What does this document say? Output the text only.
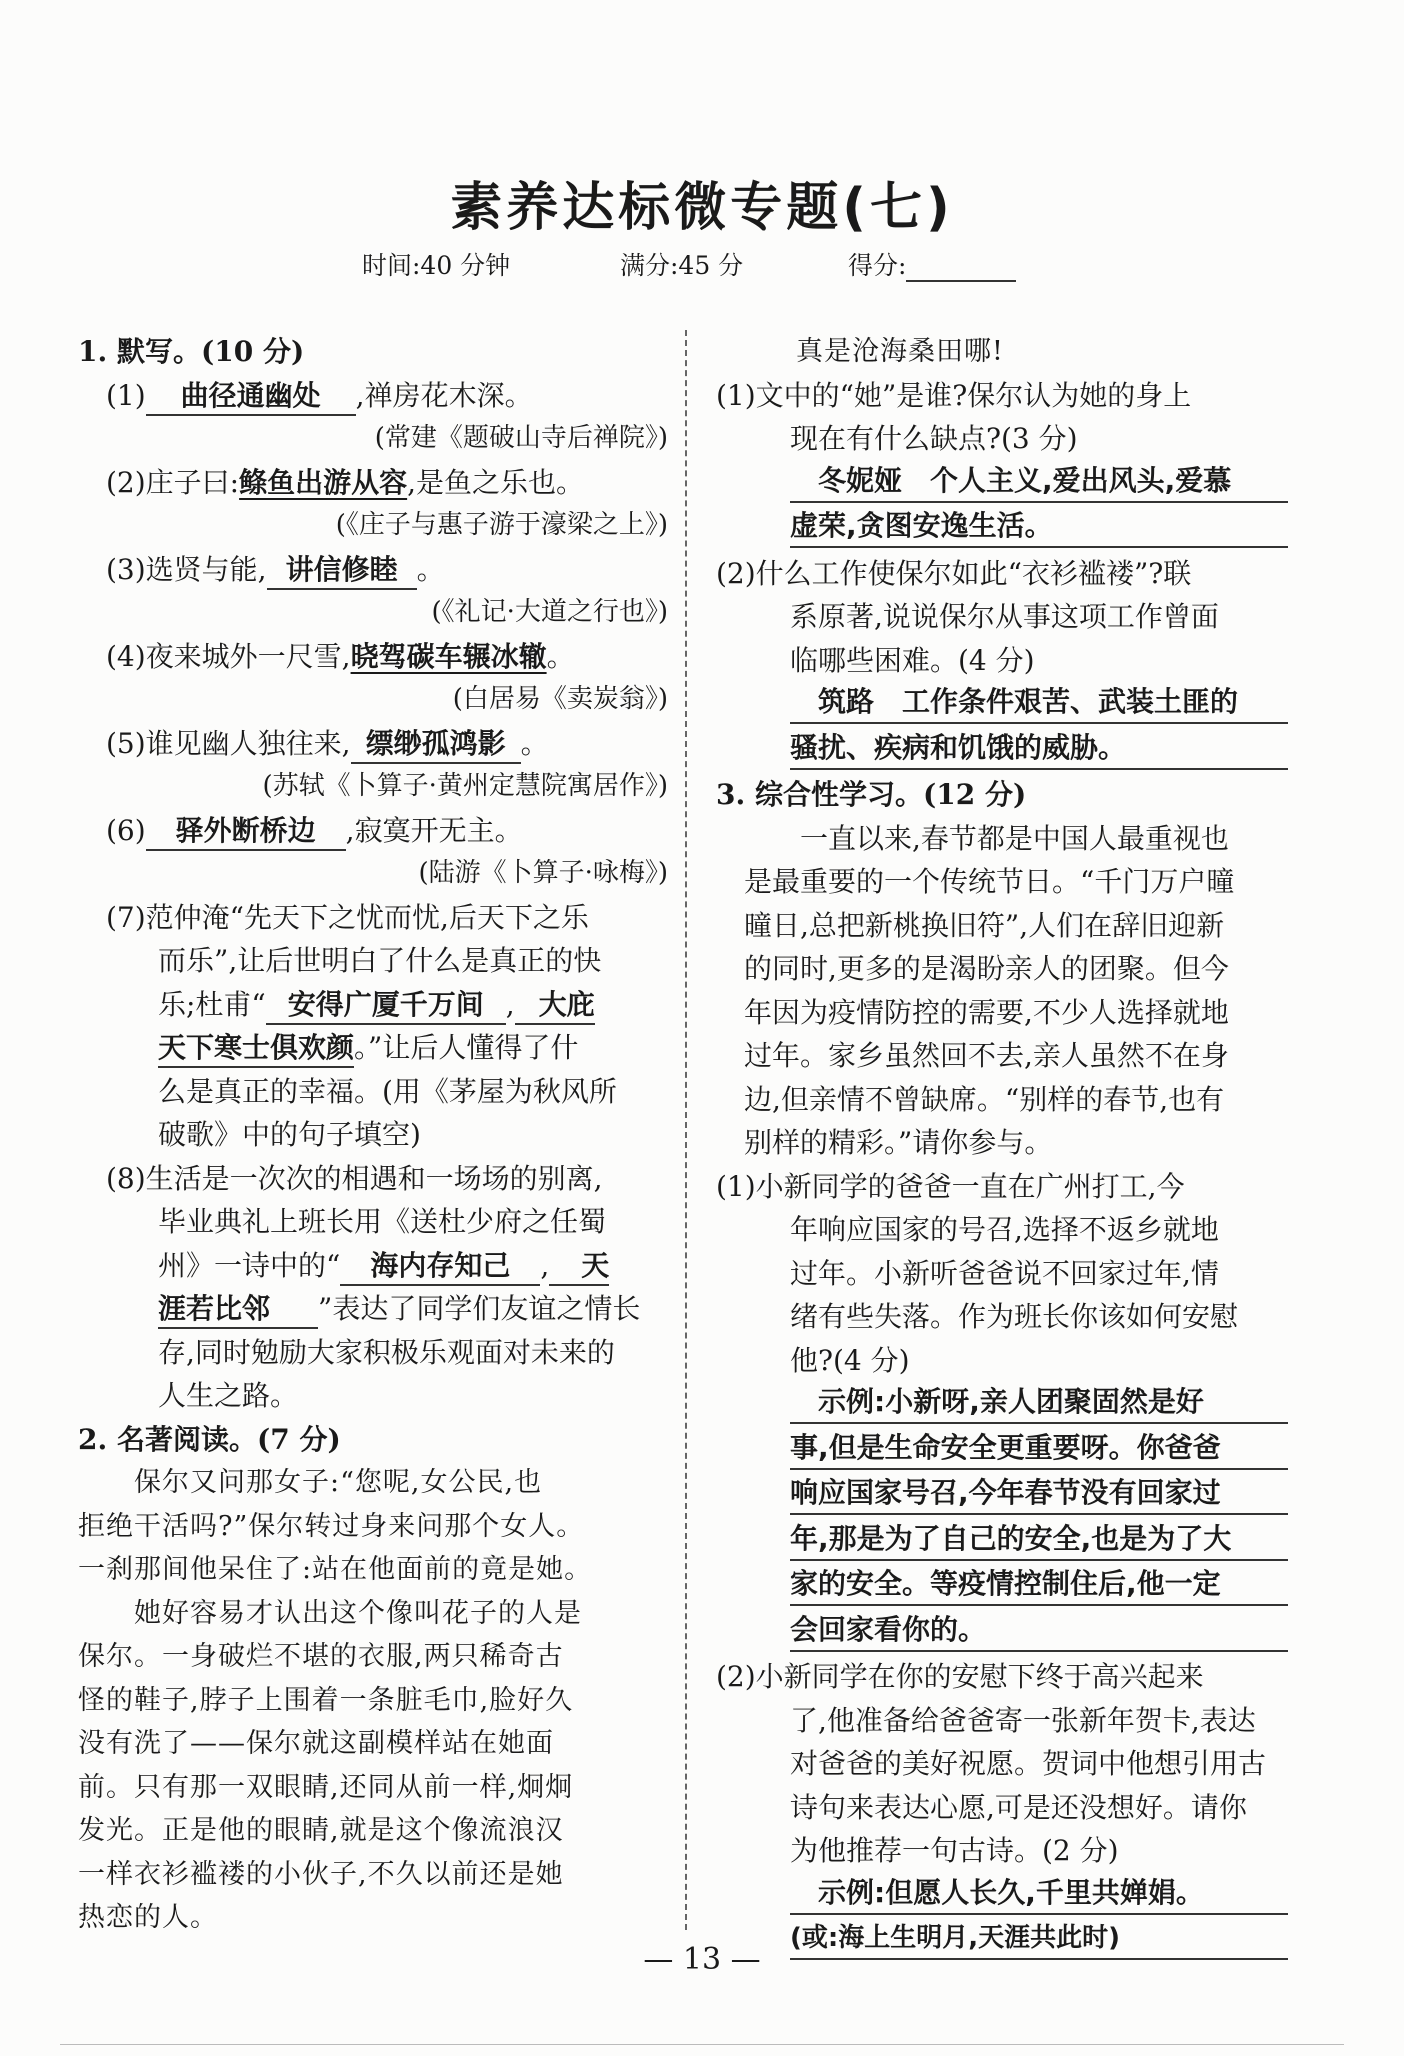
素养达标微专题(七)
时间:40 分钟	满分:45 分	得分:
1. 默写。(10 分)
(1) 曲径通幽处 ,禅房花木深。
(常建《题破山寺后禅院》)
(2)庄子曰:鲦鱼出游从容,是鱼之乐也。
(《庄子与惠子游于濠梁之上》)
(3)选贤与能, 讲信修睦 。
(《礼记·大道之行也》)
(4)夜来城外一尺雪,晓驾碳车辗冰辙。
(白居易《卖炭翁》)
(5)谁见幽人独往来, 缥缈孤鸿影 。
(苏轼《卜算子·黄州定慧院寓居作》)
(6) 驿外断桥边 ,寂寞开无主。
(陆游《卜算子·咏梅》)
(7)范仲淹“先天下之忧而忧,后天下之乐
而乐”,让后世明白了什么是真正的快
乐;杜甫“ 安得广厦千万间 , 大庇
天下寒士俱欢颜。”让后人懂得了什
么是真正的幸福。(用《茅屋为秋风所
破歌》中的句子填空)
(8)生活是一次次的相遇和一场场的别离,
毕业典礼上班长用《送杜少府之任蜀
州》一诗中的“ 海内存知己 , 天
涯若比邻 ”表达了同学们友谊之情长
存,同时勉励大家积极乐观面对未来的
人生之路。
2. 名著阅读。(7 分)
保尔又问那女子:“您呢,女公民,也
拒绝干活吗?”保尔转过身来问那个女人。
一刹那间他呆住了:站在他面前的竟是她。
她好容易才认出这个像叫花子的人是
保尔。一身破烂不堪的衣服,两只稀奇古
怪的鞋子,脖子上围着一条脏毛巾,脸好久
没有洗了——保尔就这副模样站在她面
前。只有那一双眼睛,还同从前一样,炯炯
发光。正是他的眼睛,就是这个像流浪汉
一样衣衫褴褛的小伙子,不久以前还是她
热恋的人。
真是沧海桑田哪!
(1)文中的“她”是谁?保尔认为她的身上
现在有什么缺点?(3 分)
冬妮娅　个人主义,爱出风头,爱慕
虚荣,贪图安逸生活。
(2)什么工作使保尔如此“衣衫褴褛”?联
系原著,说说保尔从事这项工作曾面
临哪些困难。(4 分)
筑路　工作条件艰苦、武装土匪的
骚扰、疾病和饥饿的威胁。
3. 综合性学习。(12 分)
一直以来,春节都是中国人最重视也
是最重要的一个传统节日。“千门万户曈
曈日,总把新桃换旧符”,人们在辞旧迎新
的同时,更多的是渴盼亲人的团聚。但今
年因为疫情防控的需要,不少人选择就地
过年。家乡虽然回不去,亲人虽然不在身
边,但亲情不曾缺席。“别样的春节,也有
别样的精彩。”请你参与。
(1)小新同学的爸爸一直在广州打工,今
年响应国家的号召,选择不返乡就地
过年。小新听爸爸说不回家过年,情
绪有些失落。作为班长你该如何安慰
他?(4 分)
示例:小新呀,亲人团聚固然是好
事,但是生命安全更重要呀。你爸爸
响应国家号召,今年春节没有回家过
年,那是为了自己的安全,也是为了大
家的安全。等疫情控制住后,他一定
会回家看你的。
(2)小新同学在你的安慰下终于高兴起来
了,他准备给爸爸寄一张新年贺卡,表达
对爸爸的美好祝愿。贺词中他想引用古
诗句来表达心愿,可是还没想好。请你
为他推荐一句古诗。(2 分)
示例:但愿人长久,千里共婵娟。
(或:海上生明月,天涯共此时)
— 13 —
